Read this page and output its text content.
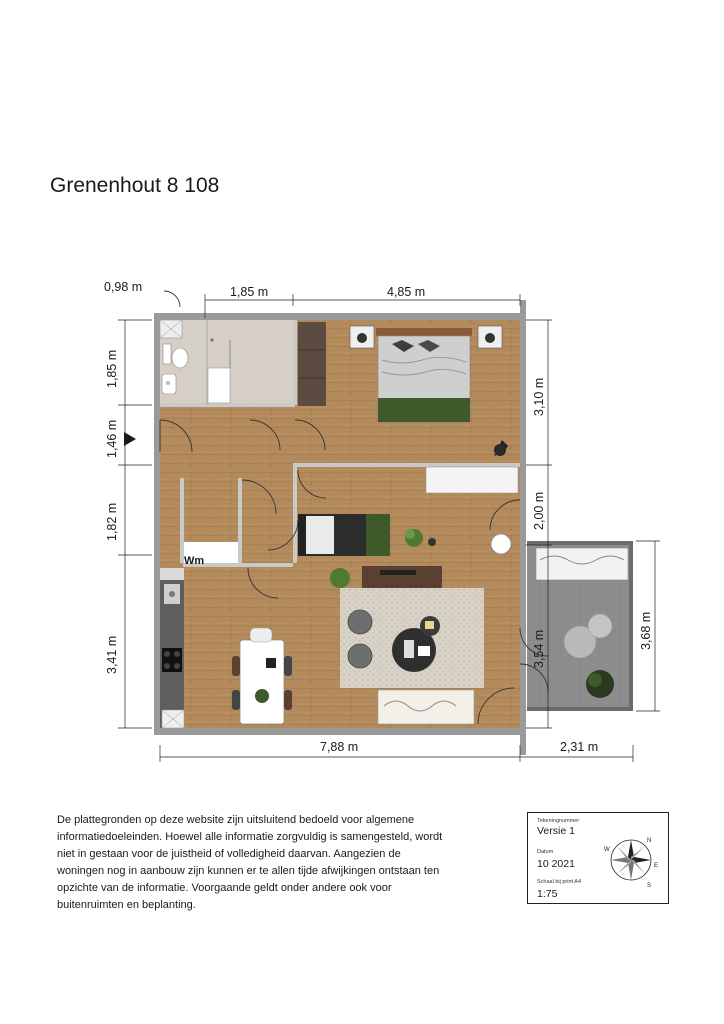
Grenenhout 8 108
Wm
0,98 m	1,85 m	4,85 m
1,85 m
1,46 m
1,82 m
3,41 m
3,10 m
2,00 m
3,54 m	3,68 m
7,88 m	2,31 m
De plattegronden op deze website zijn uitsluitend bedoeld voor algemene
informatiedoeleinden. Hoewel alle informatie zorgvuldig is samengesteld, wordt
niet in gestaan voor de juistheid of volledigheid daarvan. Aangezien de
woningen nog in aanbouw zijn kunnen er te allen tijde afwijkingen ontstaan ten
opzichte van de informatie. Voorgaande geldt onder andere ook voor
buitenruimten en beplanting.
Tekeningnummer
Versie 1
Datum
10 2021
Schaal bij print A4
1:75
N
E
S
W
